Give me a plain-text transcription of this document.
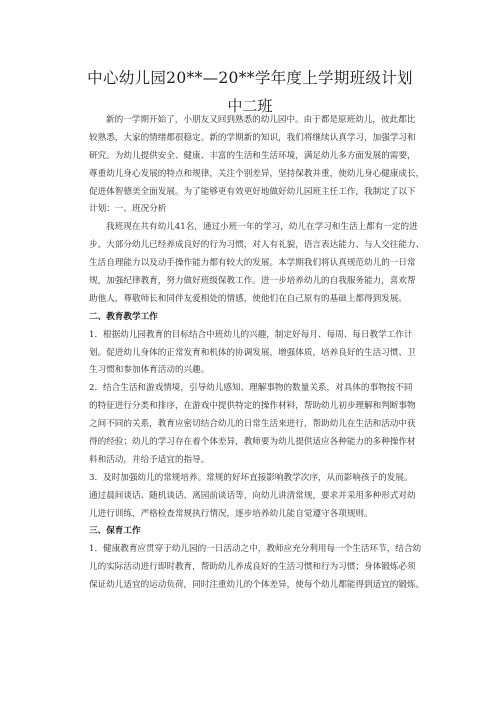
中心幼儿园20**—20**学年度上学期班级计划
中二班
新的一学期开始了，小朋友又回到熟悉的幼儿园中。由于都是原班幼儿，彼此都比
较熟悉，大家的情绪都很稳定。新的学期新的知识，我们将继续认真学习，加强学习和
研究。为幼儿提供安全、健康、丰富的生活和生活环境，满足幼儿多方面发展的需要，
尊重幼儿身心发展的特点和规律，关注个别差异，坚持保教并重，使幼儿身心健康成长，
促进体智德美全面发展。为了能够更有效更好地做好幼儿园班主任工作，我制定了以下
计划：一、班况分析
我班现在共有幼儿41名，通过小班一年的学习，幼儿在学习和生活上都有一定的进
步。大部分幼儿已经养成良好的行为习惯，对人有礼貌，语言表达能力、与人交往能力、
生活自理能力以及动手操作能力都有较大的发展。本学期我们将认真规范幼儿的一日常
规，加强纪律教育，努力做好班级保教工作。进一步培养幼儿的自我服务能力，喜欢帮
助他人，尊敬师长和同伴友爱相处的情感，使他们在自己原有的基础上都得到发展。
二、教育教学工作
1．根据幼儿园教育的目标结合中班幼儿的兴趣，制定好每月、每周、每日教学工作计
划。促进幼儿身体的正常发育和机体的协调发展，增强体质，培养良好的生活习惯、卫
生习惯和参加体育活动的兴趣。
2．结合生活和游戏情境，引导幼儿感知、理解事物的数量关系，对具体的事物按不同
的特征进行分类和排序，在游戏中提供特定的操作材料，帮助幼儿初步理解和判断事物
之间不同的关系，教育应密切结合幼儿的日常生活来进行，帮助幼儿在生活和活动中获
得的经验；幼儿的学习存在着个体差异，教师要为幼儿提供适应各种能力的多种操作材
料和活动，并给予适宜的指导。
3．及时加强幼儿的常规培养。常规的好坏直接影响教学次序，从而影响孩子的发展。
通过晨间谈话、随机谈话、离园前谈话等，向幼儿讲清常规，要求并采用多种形式对幼
儿进行训练，严格检查常规执行情况，逐步培养幼儿能自觉遵守各项规则。
三、保育工作
1．健康教育应贯穿于幼儿园的一日活动之中，教师应充分利用每一个生活环节，结合幼
儿的实际活动进行即时教育，帮助幼儿养成良好的生活习惯和行为习惯；身体锻炼必须
保证幼儿适宜的运动负荷，同时注重幼儿的个体差异，使每个幼儿都能得到适宜的锻炼。
